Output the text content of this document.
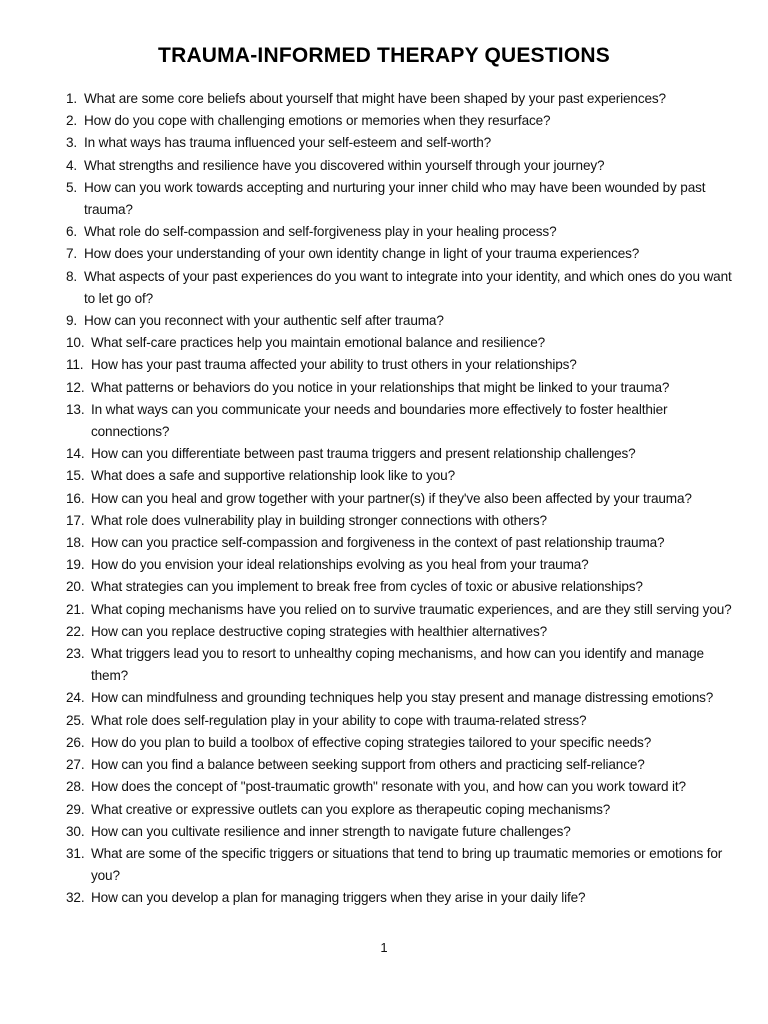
TRAUMA-INFORMED THERAPY QUESTIONS
1. What are some core beliefs about yourself that might have been shaped by your past experiences?
2. How do you cope with challenging emotions or memories when they resurface?
3. In what ways has trauma influenced your self-esteem and self-worth?
4. What strengths and resilience have you discovered within yourself through your journey?
5. How can you work towards accepting and nurturing your inner child who may have been wounded by past trauma?
6. What role do self-compassion and self-forgiveness play in your healing process?
7. How does your understanding of your own identity change in light of your trauma experiences?
8. What aspects of your past experiences do you want to integrate into your identity, and which ones do you want to let go of?
9. How can you reconnect with your authentic self after trauma?
10. What self-care practices help you maintain emotional balance and resilience?
11. How has your past trauma affected your ability to trust others in your relationships?
12. What patterns or behaviors do you notice in your relationships that might be linked to your trauma?
13. In what ways can you communicate your needs and boundaries more effectively to foster healthier connections?
14. How can you differentiate between past trauma triggers and present relationship challenges?
15. What does a safe and supportive relationship look like to you?
16. How can you heal and grow together with your partner(s) if they've also been affected by your trauma?
17. What role does vulnerability play in building stronger connections with others?
18. How can you practice self-compassion and forgiveness in the context of past relationship trauma?
19. How do you envision your ideal relationships evolving as you heal from your trauma?
20. What strategies can you implement to break free from cycles of toxic or abusive relationships?
21. What coping mechanisms have you relied on to survive traumatic experiences, and are they still serving you?
22. How can you replace destructive coping strategies with healthier alternatives?
23. What triggers lead you to resort to unhealthy coping mechanisms, and how can you identify and manage them?
24. How can mindfulness and grounding techniques help you stay present and manage distressing emotions?
25. What role does self-regulation play in your ability to cope with trauma-related stress?
26. How do you plan to build a toolbox of effective coping strategies tailored to your specific needs?
27. How can you find a balance between seeking support from others and practicing self-reliance?
28. How does the concept of "post-traumatic growth" resonate with you, and how can you work toward it?
29. What creative or expressive outlets can you explore as therapeutic coping mechanisms?
30. How can you cultivate resilience and inner strength to navigate future challenges?
31. What are some of the specific triggers or situations that tend to bring up traumatic memories or emotions for you?
32. How can you develop a plan for managing triggers when they arise in your daily life?
1
